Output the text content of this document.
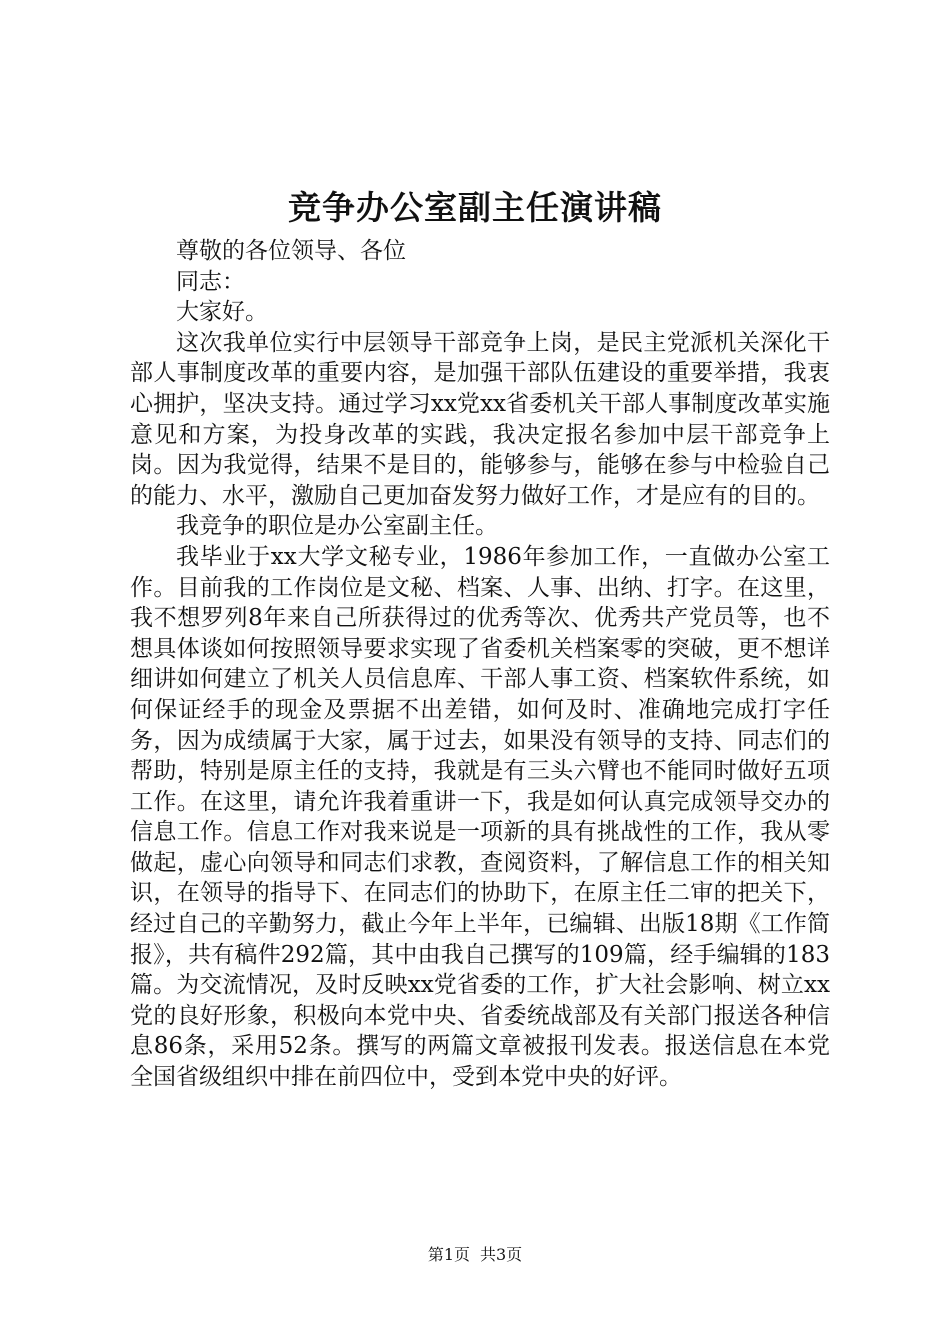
竞争办公室副主任演讲稿

尊敬的各位领导、各位

同志：

大家好。

这次我单位实行中层领导干部竞争上岗，是民主党派机关深化干部人事制度改革的重要内容，是加强干部队伍建设的重要举措，我衷心拥护，坚决支持。通过学习xx党xx省委机关干部人事制度改革实施意见和方案，为投身改革的实践，我决定报名参加中层干部竞争上岗。因为我觉得，结果不是目的，能够参与，能够在参与中检验自己的能力、水平，激励自己更加奋发努力做好工作，才是应有的目的。

我竞争的职位是办公室副主任。

我毕业于xx大学文秘专业，1986年参加工作，一直做办公室工作。目前我的工作岗位是文秘、档案、人事、出纳、打字。在这里，我不想罗列8年来自己所获得过的优秀等次、优秀共产党员等，也不想具体谈如何按照领导要求实现了省委机关档案零的突破，更不想详细讲如何建立了机关人员信息库、干部人事工资、档案软件系统，如何保证经手的现金及票据不出差错，如何及时、准确地完成打字任务，因为成绩属于大家，属于过去，如果没有领导的支持、同志们的帮助，特别是原主任的支持，我就是有三头六臂也不能同时做好五项工作。在这里，请允许我着重讲一下，我是如何认真完成领导交办的信息工作。信息工作对我来说是一项新的具有挑战性的工作，我从零做起，虚心向领导和同志们求教，查阅资料，了解信息工作的相关知识，在领导的指导下、在同志们的协助下，在原主任二审的把关下，经过自己的辛勤努力，截止今年上半年，已编辑、出版18期《工作简报》，共有稿件292篇，其中由我自己撰写的109篇，经手编辑的183篇。为交流情况，及时反映xx党省委的工作，扩大社会影响、树立xx党的良好形象，积极向本党中央、省委统战部及有关部门报送各种信息86条，采用52条。撰写的两篇文章被报刊发表。报送信息在本党全国省级组织中排在前四位中，受到本党中央的好评。

第1页 共3页
